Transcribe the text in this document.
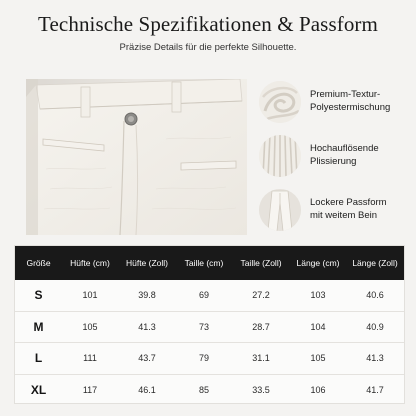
Technische Spezifikationen & Passform
Präzise Details für die perfekte Silhouette.
Premium-Textur-
Polyestermischung
Hochauflösende
Plissierung
Lockere Passform
mit weitem Bein
Größe	Hüfte (cm)	Hüfte (Zoll)	Taille (cm)	Taille (Zoll)	Länge (cm)	Länge (Zoll)
S	101	39.8	69	27.2	103	40.6
M	105	41.3	73	28.7	104	40.9
L	111	43.7	79	31.1	105	41.3
XL	117	46.1	85	33.5	106	41.7
